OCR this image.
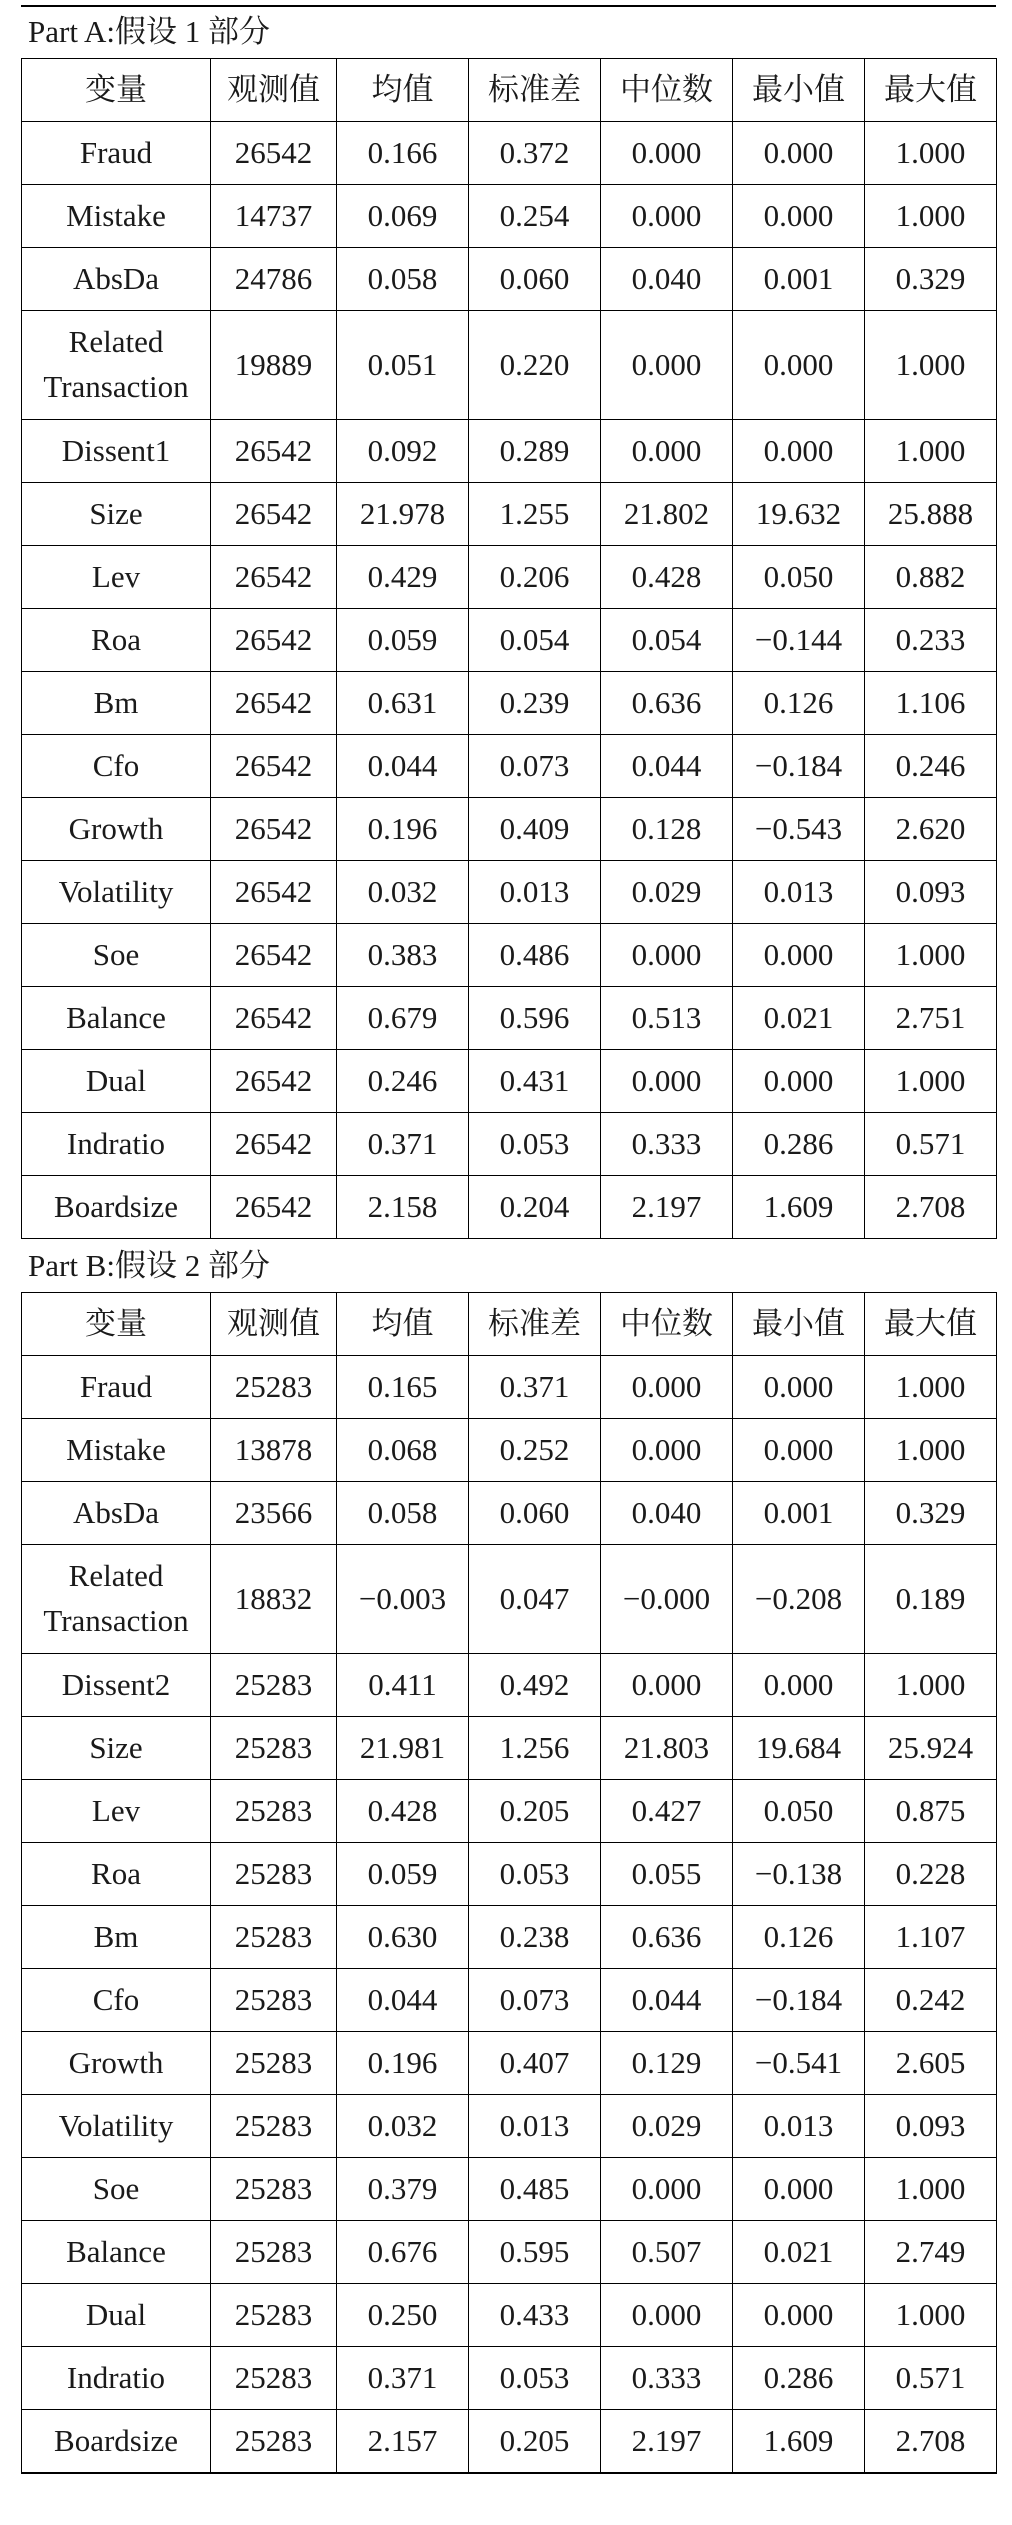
Part A:假设 1 部分
变量	观测值	均值	标准差	中位数	最小值	最大值
Fraud	26542	0.166	0.372	0.000	0.000	1.000
Mistake	14737	0.069	0.254	0.000	0.000	1.000
AbsDa	24786	0.058	0.060	0.040	0.001	0.329
Related Transaction	19889	0.051	0.220	0.000	0.000	1.000
Dissent1	26542	0.092	0.289	0.000	0.000	1.000
Size	26542	21.978	1.255	21.802	19.632	25.888
Lev	26542	0.429	0.206	0.428	0.050	0.882
Roa	26542	0.059	0.054	0.054	−0.144	0.233
Bm	26542	0.631	0.239	0.636	0.126	1.106
Cfo	26542	0.044	0.073	0.044	−0.184	0.246
Growth	26542	0.196	0.409	0.128	−0.543	2.620
Volatility	26542	0.032	0.013	0.029	0.013	0.093
Soe	26542	0.383	0.486	0.000	0.000	1.000
Balance	26542	0.679	0.596	0.513	0.021	2.751
Dual	26542	0.246	0.431	0.000	0.000	1.000
Indratio	26542	0.371	0.053	0.333	0.286	0.571
Boardsize	26542	2.158	0.204	2.197	1.609	2.708
Part B:假设 2 部分
变量	观测值	均值	标准差	中位数	最小值	最大值
Fraud	25283	0.165	0.371	0.000	0.000	1.000
Mistake	13878	0.068	0.252	0.000	0.000	1.000
AbsDa	23566	0.058	0.060	0.040	0.001	0.329
Related Transaction	18832	−0.003	0.047	−0.000	−0.208	0.189
Dissent2	25283	0.411	0.492	0.000	0.000	1.000
Size	25283	21.981	1.256	21.803	19.684	25.924
Lev	25283	0.428	0.205	0.427	0.050	0.875
Roa	25283	0.059	0.053	0.055	−0.138	0.228
Bm	25283	0.630	0.238	0.636	0.126	1.107
Cfo	25283	0.044	0.073	0.044	−0.184	0.242
Growth	25283	0.196	0.407	0.129	−0.541	2.605
Volatility	25283	0.032	0.013	0.029	0.013	0.093
Soe	25283	0.379	0.485	0.000	0.000	1.000
Balance	25283	0.676	0.595	0.507	0.021	2.749
Dual	25283	0.250	0.433	0.000	0.000	1.000
Indratio	25283	0.371	0.053	0.333	0.286	0.571
Boardsize	25283	2.157	0.205	2.197	1.609	2.708
